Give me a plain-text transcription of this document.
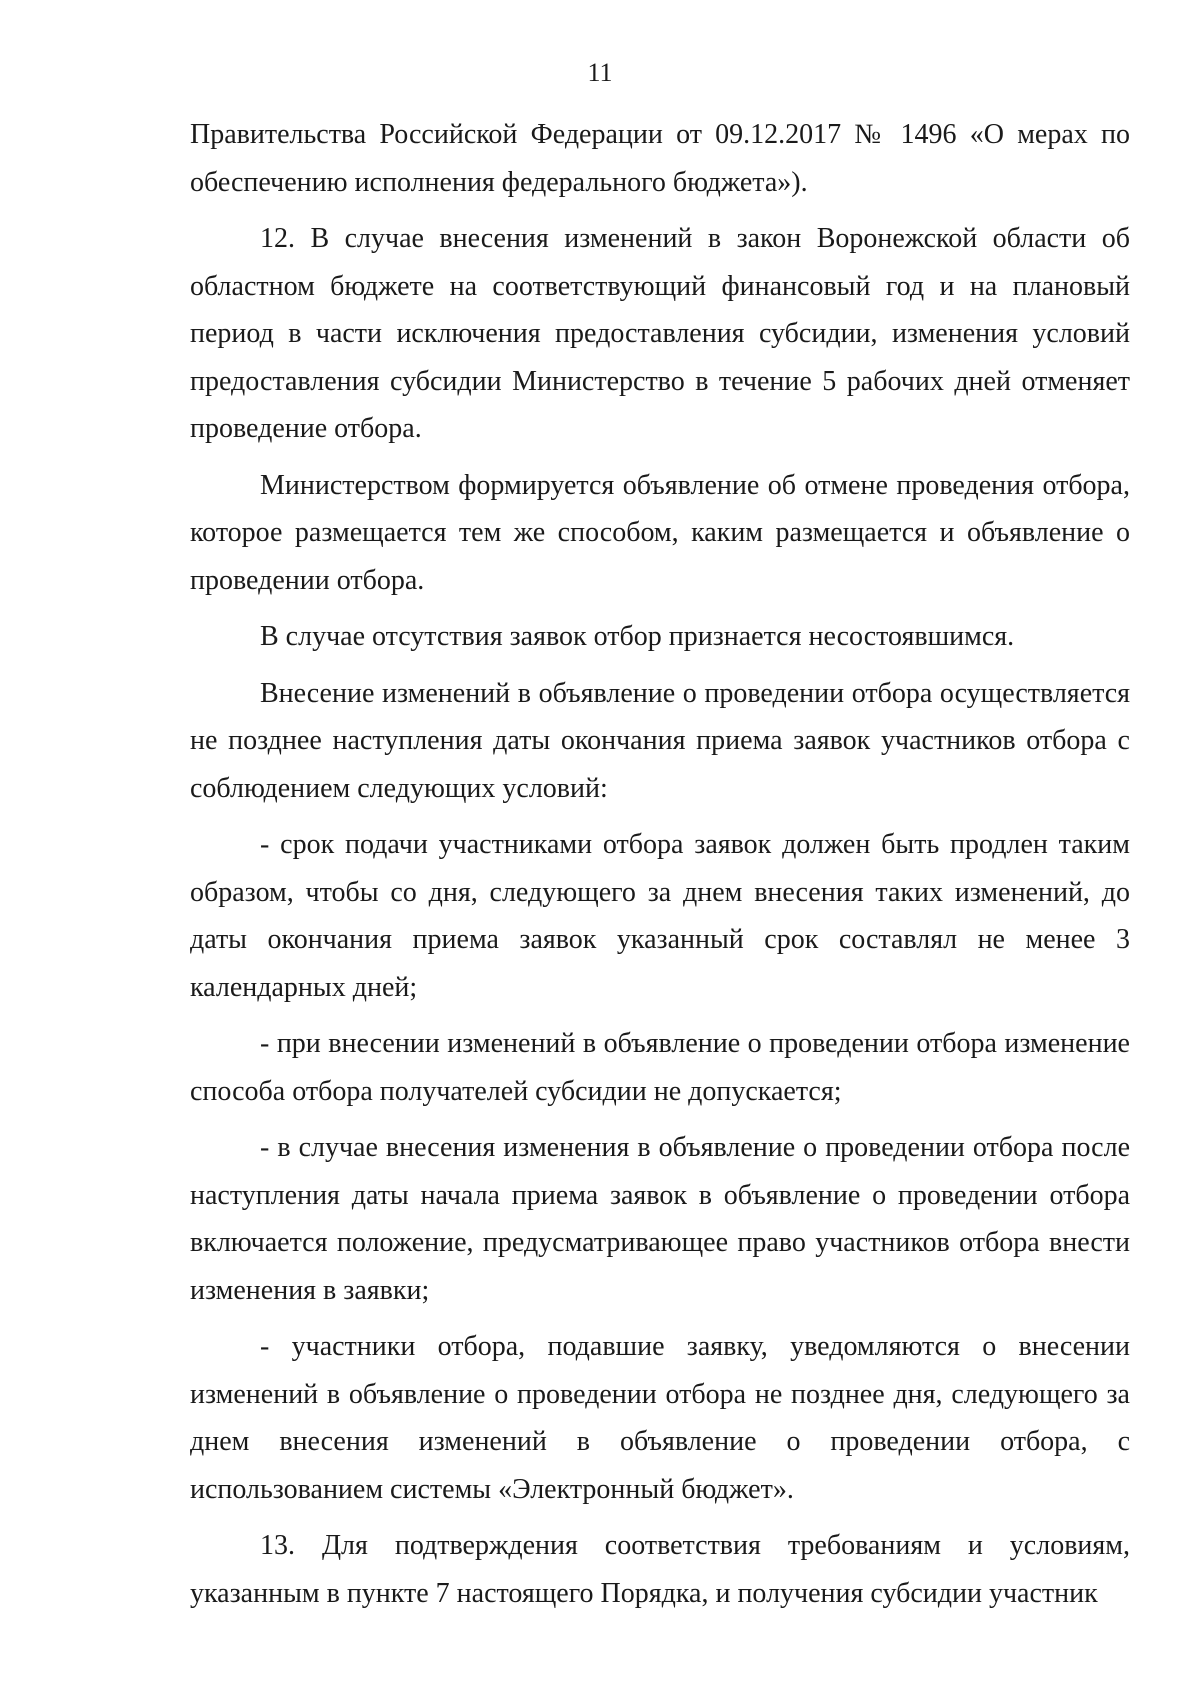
11

Правительства Российской Федерации от 09.12.2017 № 1496 «О мерах по обеспечению исполнения федерального бюджета»).

12. В случае внесения изменений в закон Воронежской области об областном бюджете на соответствующий финансовый год и на плановый период в части исключения предоставления субсидии, изменения условий предоставления субсидии Министерство в течение 5 рабочих дней отменяет проведение отбора.

Министерством формируется объявление об отмене проведения отбора, которое размещается тем же способом, каким размещается и объявление о проведении отбора.

В случае отсутствия заявок отбор признается несостоявшимся.

Внесение изменений в объявление о проведении отбора осуществляется не позднее наступления даты окончания приема заявок участников отбора с соблюдением следующих условий:

- срок подачи участниками отбора заявок должен быть продлен таким образом, чтобы со дня, следующего за днем внесения таких изменений, до даты окончания приема заявок указанный срок составлял не менее 3 календарных дней;

- при внесении изменений в объявление о проведении отбора изменение способа отбора получателей субсидии не допускается;

- в случае внесения изменения в объявление о проведении отбора после наступления даты начала приема заявок в объявление о проведении отбора включается положение, предусматривающее право участников отбора внести изменения в заявки;

- участники отбора, подавшие заявку, уведомляются о внесении изменений в объявление о проведении отбора не позднее дня, следующего за днем внесения изменений в объявление о проведении отбора, с использованием системы «Электронный бюджет».

13. Для подтверждения соответствия требованиям и условиям, указанным в пункте 7 настоящего Порядка, и получения субсидии участник
